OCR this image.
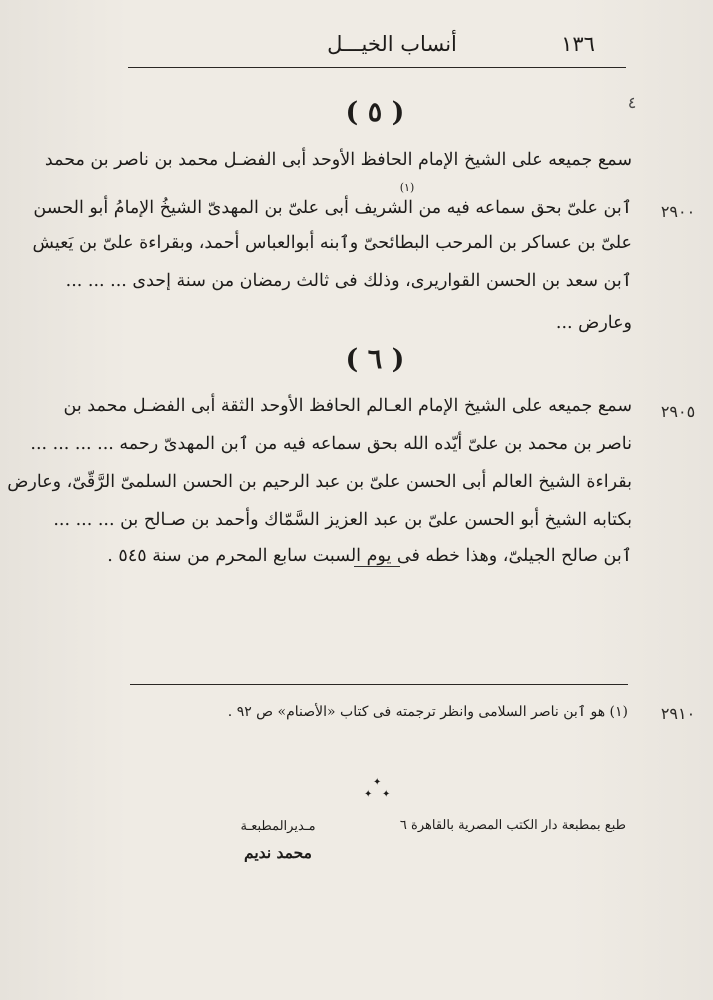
أنساب الخيـــل	١٣٦
٤
( ٥ )
سمع جميعه على الشيخ الإمام الحافظ الأوحد أبى الفضـل محمد بن ناصر بن محمد
(١)
ٱبن علىّ بحق سماعه فيه من الشريف أبى علىّ بن المهدىّ الشيخُ الإمامُ أبو الحسن	٢٩٠٠
علىّ بن عساكر بن المرحب البطائحىّ وٱبنه أبوالعباس أحمد، وبقراءة علىّ بن يَعيش
ٱبن سعد بن الحسن القواريرى، وذلك فى ثالث رمضان من سنة إحدى ... ... ...
وعارض ...
( ٦ )
سمع جميعه على الشيخ الإمام العـالم الحافظ الأوحد الثقة أبى الفضـل محمد بن	٢٩٠٥
ناصر بن محمد بن علىّ أيّده الله بحق سماعه فيه من ٱبن المهدىّ رحمه ... ... ... ...
بقراءة الشيخ العالم أبى الحسن علىّ بن عبد الرحيم بن الحسن السلمىّ الرَّقّىّ، وعارض
بكتابه الشيخ أبو الحسن علىّ بن عبد العزيز السَّمّاك وأحمد بن صـالح بن ... ... ...
ٱبن صالح الجيلىّ، وهذا خطه فى يوم السبت سابع المحرم من سنة ٥٤٥ .
٢٩١٠
(١) هو ٱبن ناصر السلامى وانظر ترجمته فى كتاب «الأصنام» ص ٩٢ .
✦
✦ ✦
طبع بمطبعة دار الكتب المصرية بالقاهرة ٦
مـديرالمطبعـة
محمد نديم
